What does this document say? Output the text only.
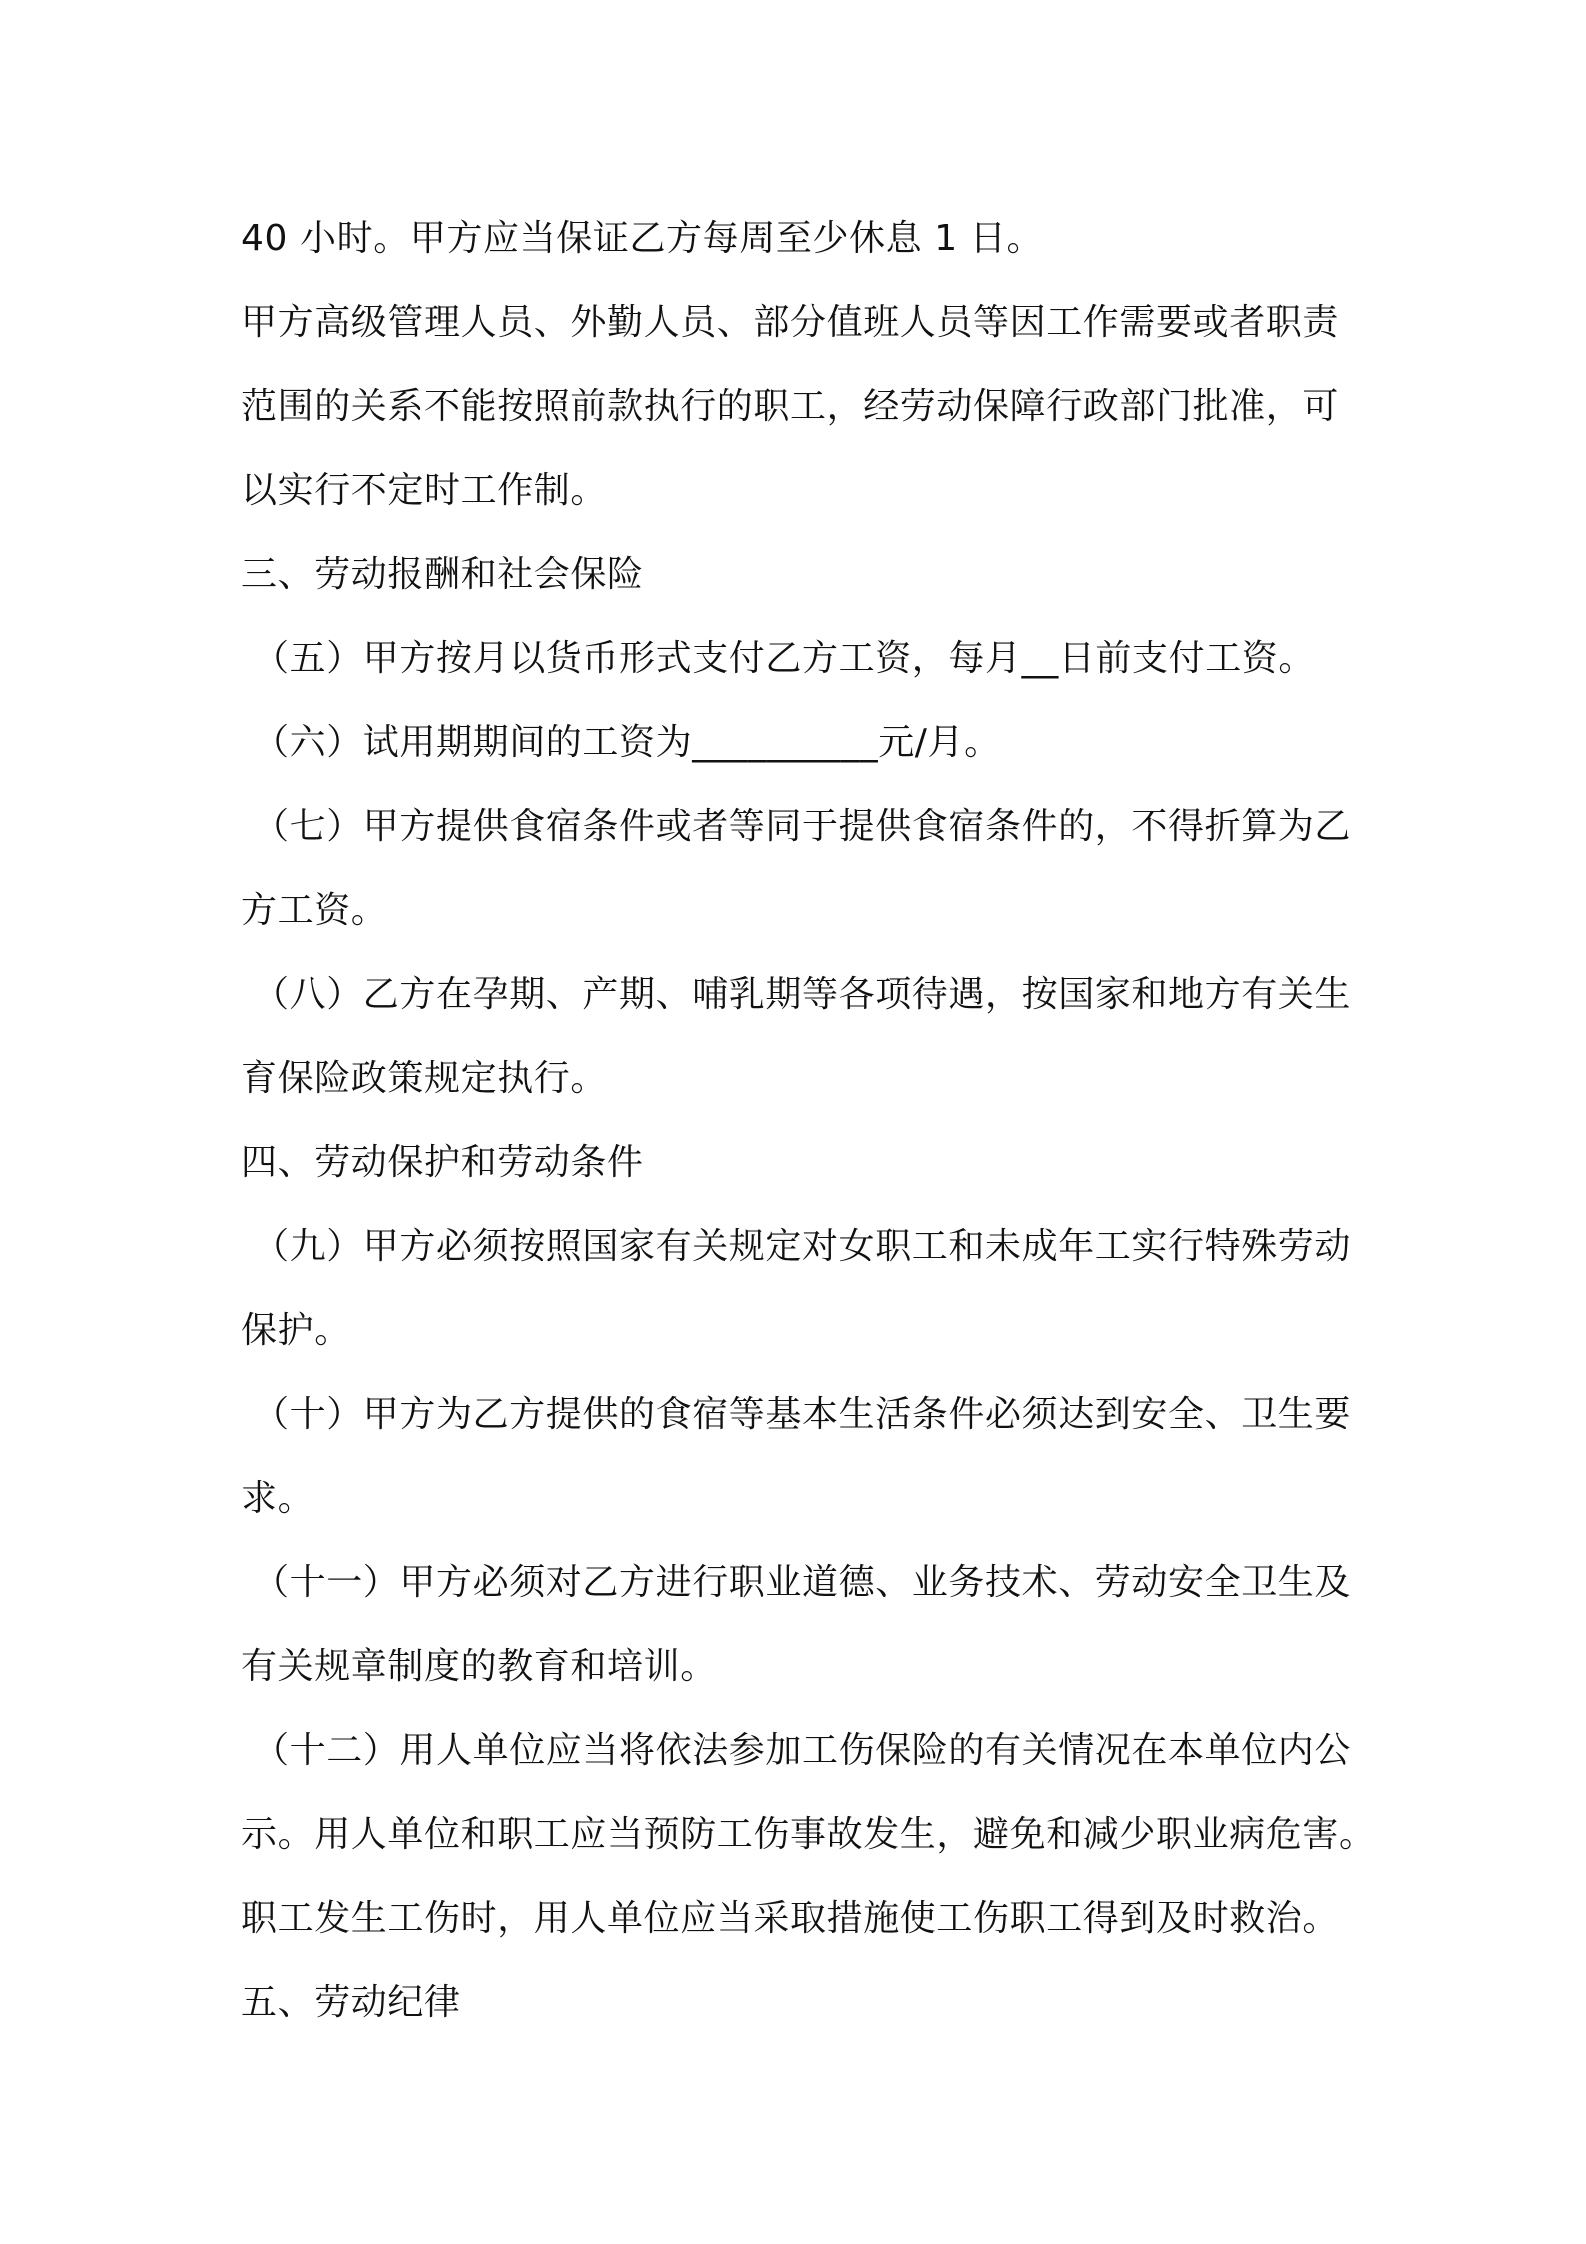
40 小时。甲方应当保证乙方每周至少休息 1 日。
甲方高级管理人员、外勤人员、部分值班人员等因工作需要或者职责
范围的关系不能按照前款执行的职工，经劳动保障行政部门批准，可
以实行不定时工作制。
三、劳动报酬和社会保险
（五）甲方按月以货币形式支付乙方工资，每月__日前支付工资。
（六）试用期期间的工资为__________元/月。
（七）甲方提供食宿条件或者等同于提供食宿条件的，不得折算为乙
方工资。
（八）乙方在孕期、产期、哺乳期等各项待遇，按国家和地方有关生
育保险政策规定执行。
四、劳动保护和劳动条件
（九）甲方必须按照国家有关规定对女职工和未成年工实行特殊劳动
保护。
（十）甲方为乙方提供的食宿等基本生活条件必须达到安全、卫生要
求。
（十一）甲方必须对乙方进行职业道德、业务技术、劳动安全卫生及
有关规章制度的教育和培训。
（十二）用人单位应当将依法参加工伤保险的有关情况在本单位内公
示。用人单位和职工应当预防工伤事故发生，避免和减少职业病危害。
职工发生工伤时，用人单位应当采取措施使工伤职工得到及时救治。
五、劳动纪律
